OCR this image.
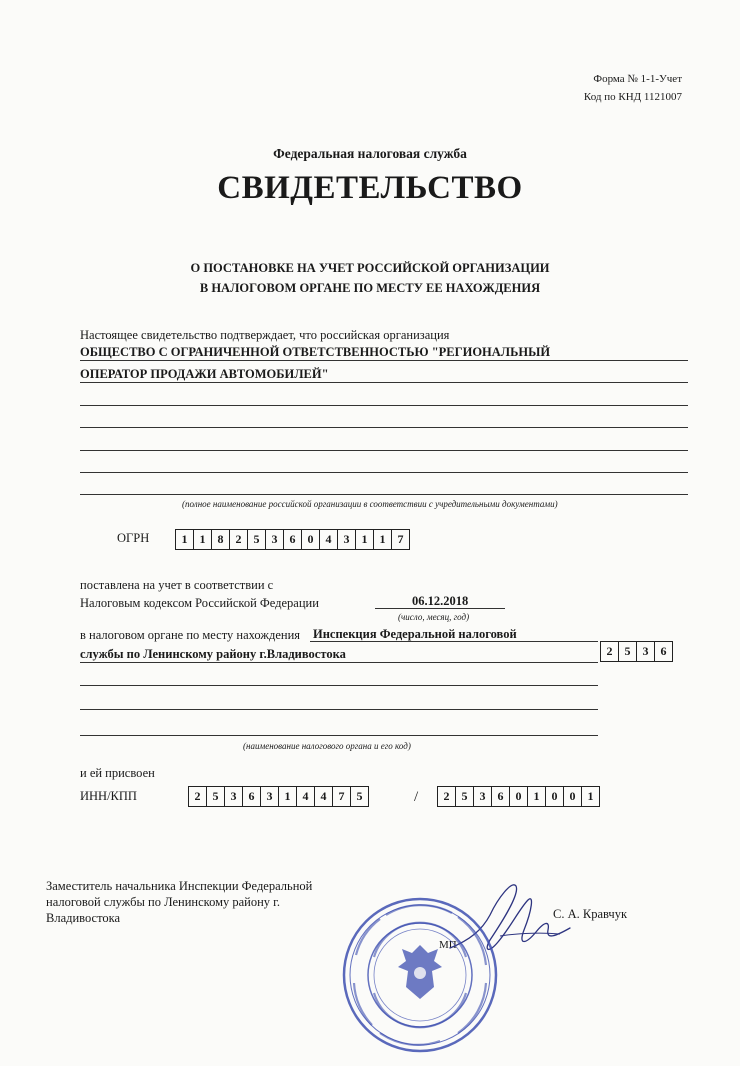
Форма № 1-1-Учет
Код по КНД 1121007
Федеральная налоговая служба
СВИДЕТЕЛЬСТВО
О ПОСТАНОВКЕ НА УЧЕТ РОССИЙСКОЙ ОРГАНИЗАЦИИ
В НАЛОГОВОМ ОРГАНЕ ПО МЕСТУ ЕЕ НАХОЖДЕНИЯ
Настоящее свидетельство подтверждает, что российская организация
ОБЩЕСТВО С ОГРАНИЧЕННОЙ ОТВЕТСТВЕННОСТЬЮ "РЕГИОНАЛЬНЫЙ
ОПЕРАТОР ПРОДАЖИ АВТОМОБИЛЕЙ"
(полное наименование российской организации в соответствии с учредительными документами)
ОГРН	1	1	8	2	5	3	6	0	4	3	1	1	7
поставлена на учет в соответствии с
Налоговым кодексом Российской Федерации	06.12.2018
(число, месяц, год)
в налоговом органе по месту нахождения Инспекция Федеральной налоговой
службы по Ленинскому району г.Владивостока	2	5	3	6
(наименование налогового органа и его код)
и ей присвоен
ИНН/КПП	2	5	3	6	3	1	4	4	7	5	/	2	5	3	6	0	1	0	0	1
Заместитель начальника Инспекции Федеральной
налоговой службы по Ленинскому району г.
Владивостока	С. А. Кравчук
МП
